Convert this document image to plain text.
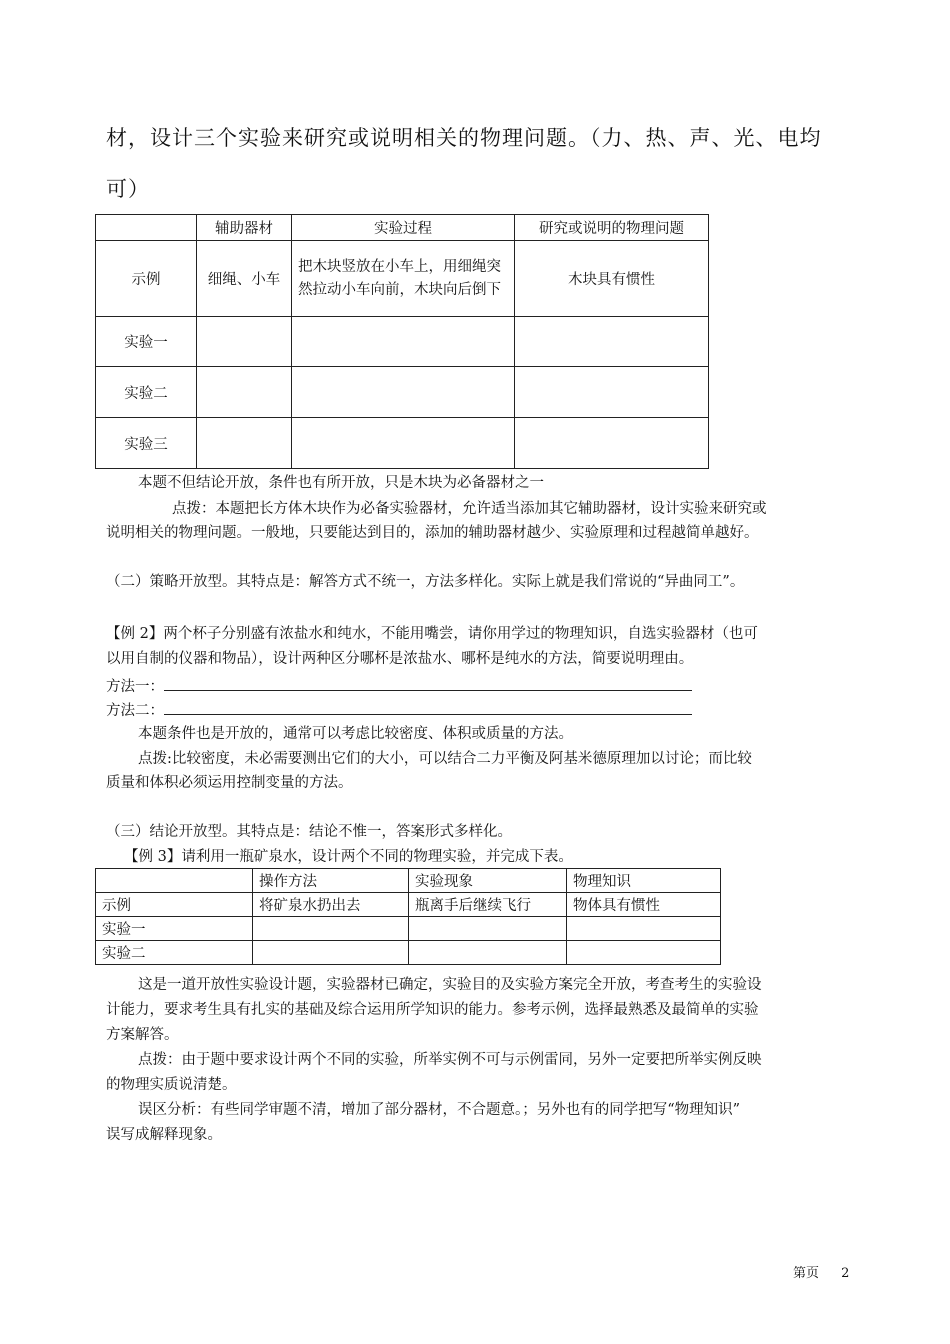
材，设计三个实验来研究或说明相关的物理问题。（力、热、声、光、电均
可）
	辅助器材	实验过程	研究或说明的物理问题
示例	细绳、小车	把木块竖放在小车上，用细绳突然拉动小车向前，木块向后倒下	木块具有惯性
实验一			
实验二			
实验三			
本题不但结论开放，条件也有所开放，只是木块为必备器材之一
点拨：本题把长方体木块作为必备实验器材，允许适当添加其它辅助器材，设计实验来研究或
说明相关的物理问题。一般地，只要能达到目的，添加的辅助器材越少、实验原理和过程越简单越好。
（二）策略开放型。其特点是：解答方式不统一，方法多样化。实际上就是我们常说的“异曲同工”。
【例 2】两个杯子分别盛有浓盐水和纯水，不能用嘴尝，请你用学过的物理知识，自选实验器材（也可
以用自制的仪器和物品），设计两种区分哪杯是浓盐水、哪杯是纯水的方法，简要说明理由。
方法一：
方法二：
本题条件也是开放的，通常可以考虑比较密度、体积或质量的方法。
点拨:比较密度，未必需要测出它们的大小，可以结合二力平衡及阿基米德原理加以讨论；而比较
质量和体积必须运用控制变量的方法。
（三）结论开放型。其特点是：结论不惟一，答案形式多样化。
【例 3】请利用一瓶矿泉水，设计两个不同的物理实验，并完成下表。
	操作方法	实验现象	物理知识
示例	将矿泉水扔出去	瓶离手后继续飞行	物体具有惯性
实验一			
实验二			
这是一道开放性实验设计题，实验器材已确定，实验目的及实验方案完全开放，考查考生的实验设
计能力，要求考生具有扎实的基础及综合运用所学知识的能力。参考示例，选择最熟悉及最简单的实验
方案解答。
点拨：由于题中要求设计两个不同的实验，所举实例不可与示例雷同，另外一定要把所举实例反映
的物理实质说清楚。
误区分析：有些同学审题不清，增加了部分器材，不合题意。；另外也有的同学把写“物理知识”
误写成解释现象。
第页 2
